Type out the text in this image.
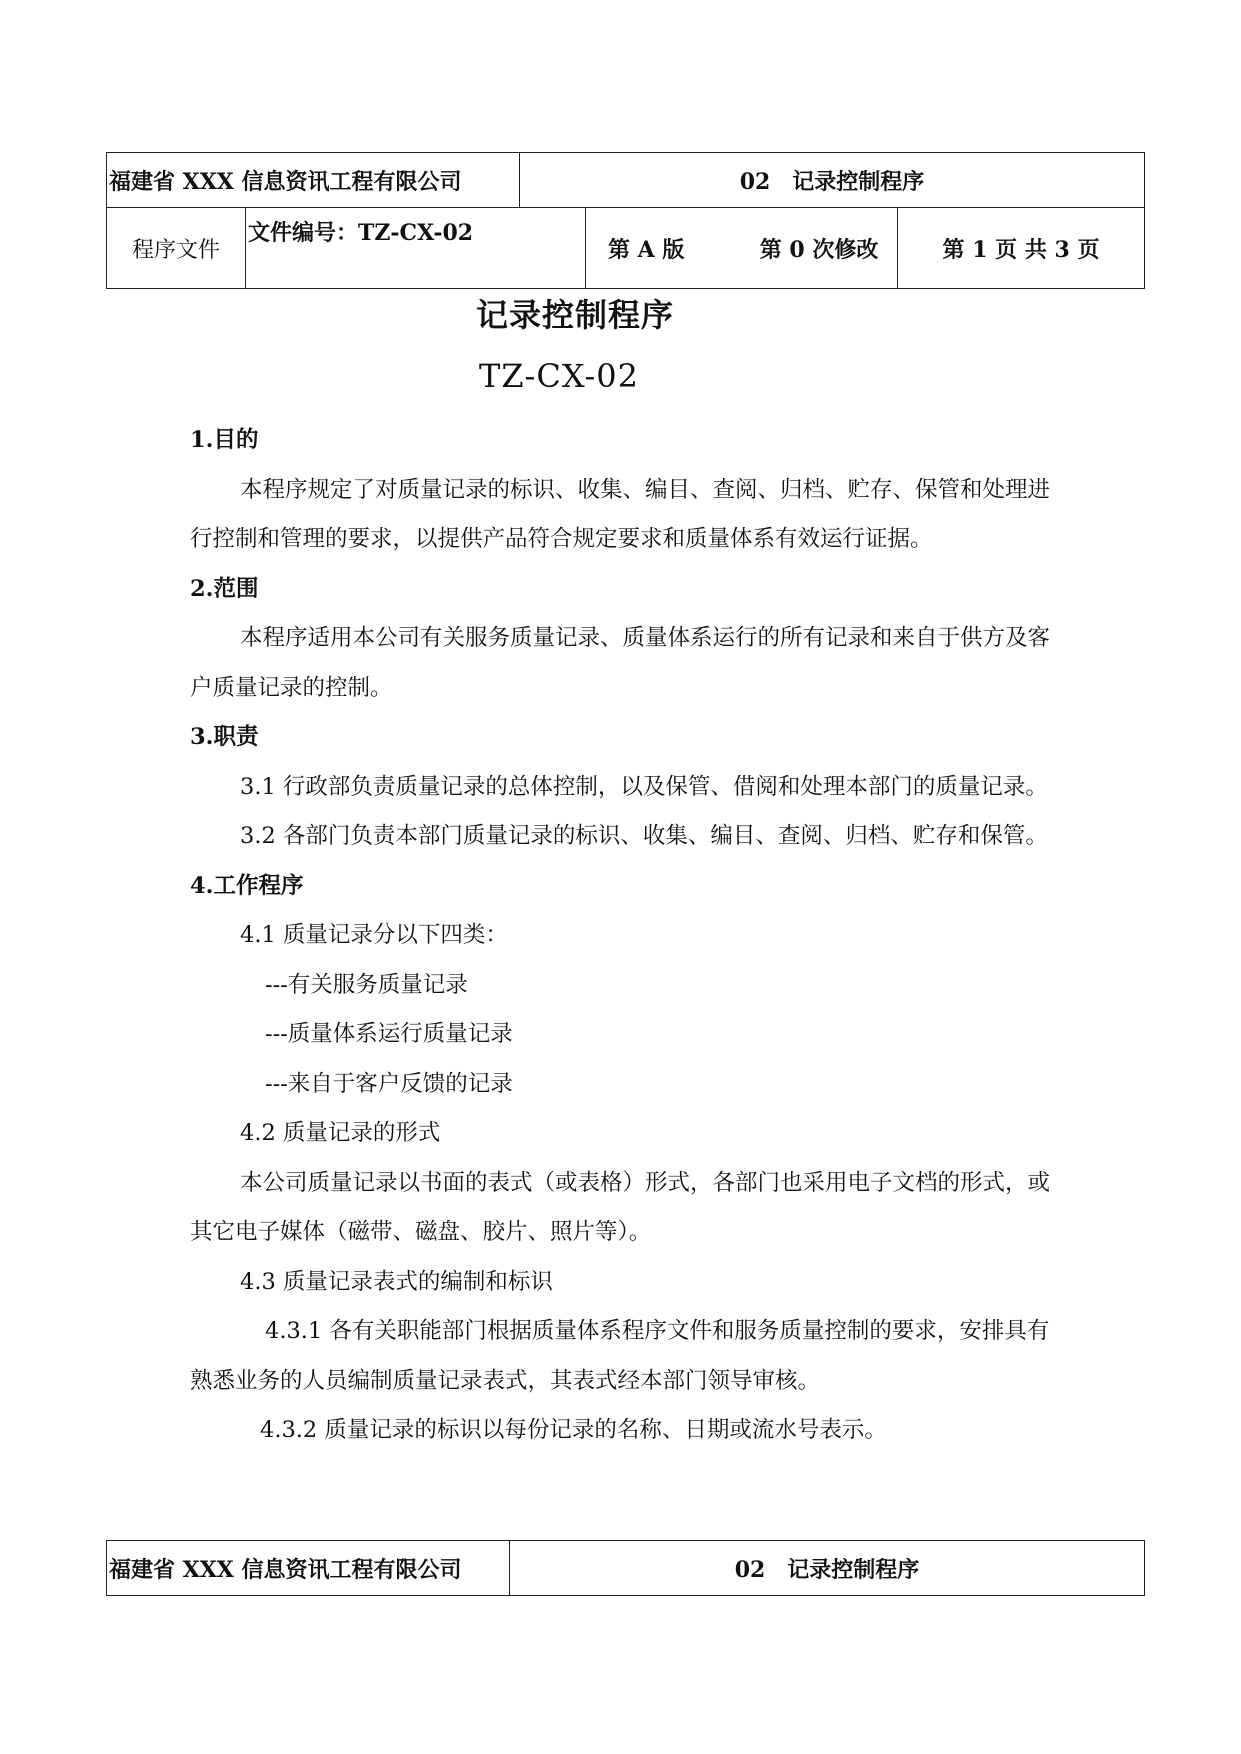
福建省 XXX 信息资讯工程有限公司		02　记录控制程序		
程序文件	文件编号：TZ-CX-02		第 A 版 第 0 次修改	第 1 页 共 3 页
记录控制程序
TZ-CX-02

1.目的

本程序规定了对质量记录的标识、收集、编目、查阅、归档、贮存、保管和处理进行控制和管理的要求，以提供产品符合规定要求和质量体系有效运行证据。

2.范围

本程序适用本公司有关服务质量记录、质量体系运行的所有记录和来自于供方及客户质量记录的控制。

3.职责

3.1 行政部负责质量记录的总体控制，以及保管、借阅和处理本部门的质量记录。

3.2 各部门负责本部门质量记录的标识、收集、编目、查阅、归档、贮存和保管。

4.工作程序

4.1 质量记录分以下四类：

---有关服务质量记录

---质量体系运行质量记录

---来自于客户反馈的记录

4.2 质量记录的形式

本公司质量记录以书面的表式（或表格）形式，各部门也采用电子文档的形式，或其它电子媒体（磁带、磁盘、胶片、照片等）。

4.3 质量记录表式的编制和标识

4.3.1 各有关职能部门根据质量体系程序文件和服务质量控制的要求，安排具有熟悉业务的人员编制质量记录表式，其表式经本部门领导审核。

4.3.2 质量记录的标识以每份记录的名称、日期或流水号表示。

福建省 XXX 信息资讯工程有限公司	02　记录控制程序
